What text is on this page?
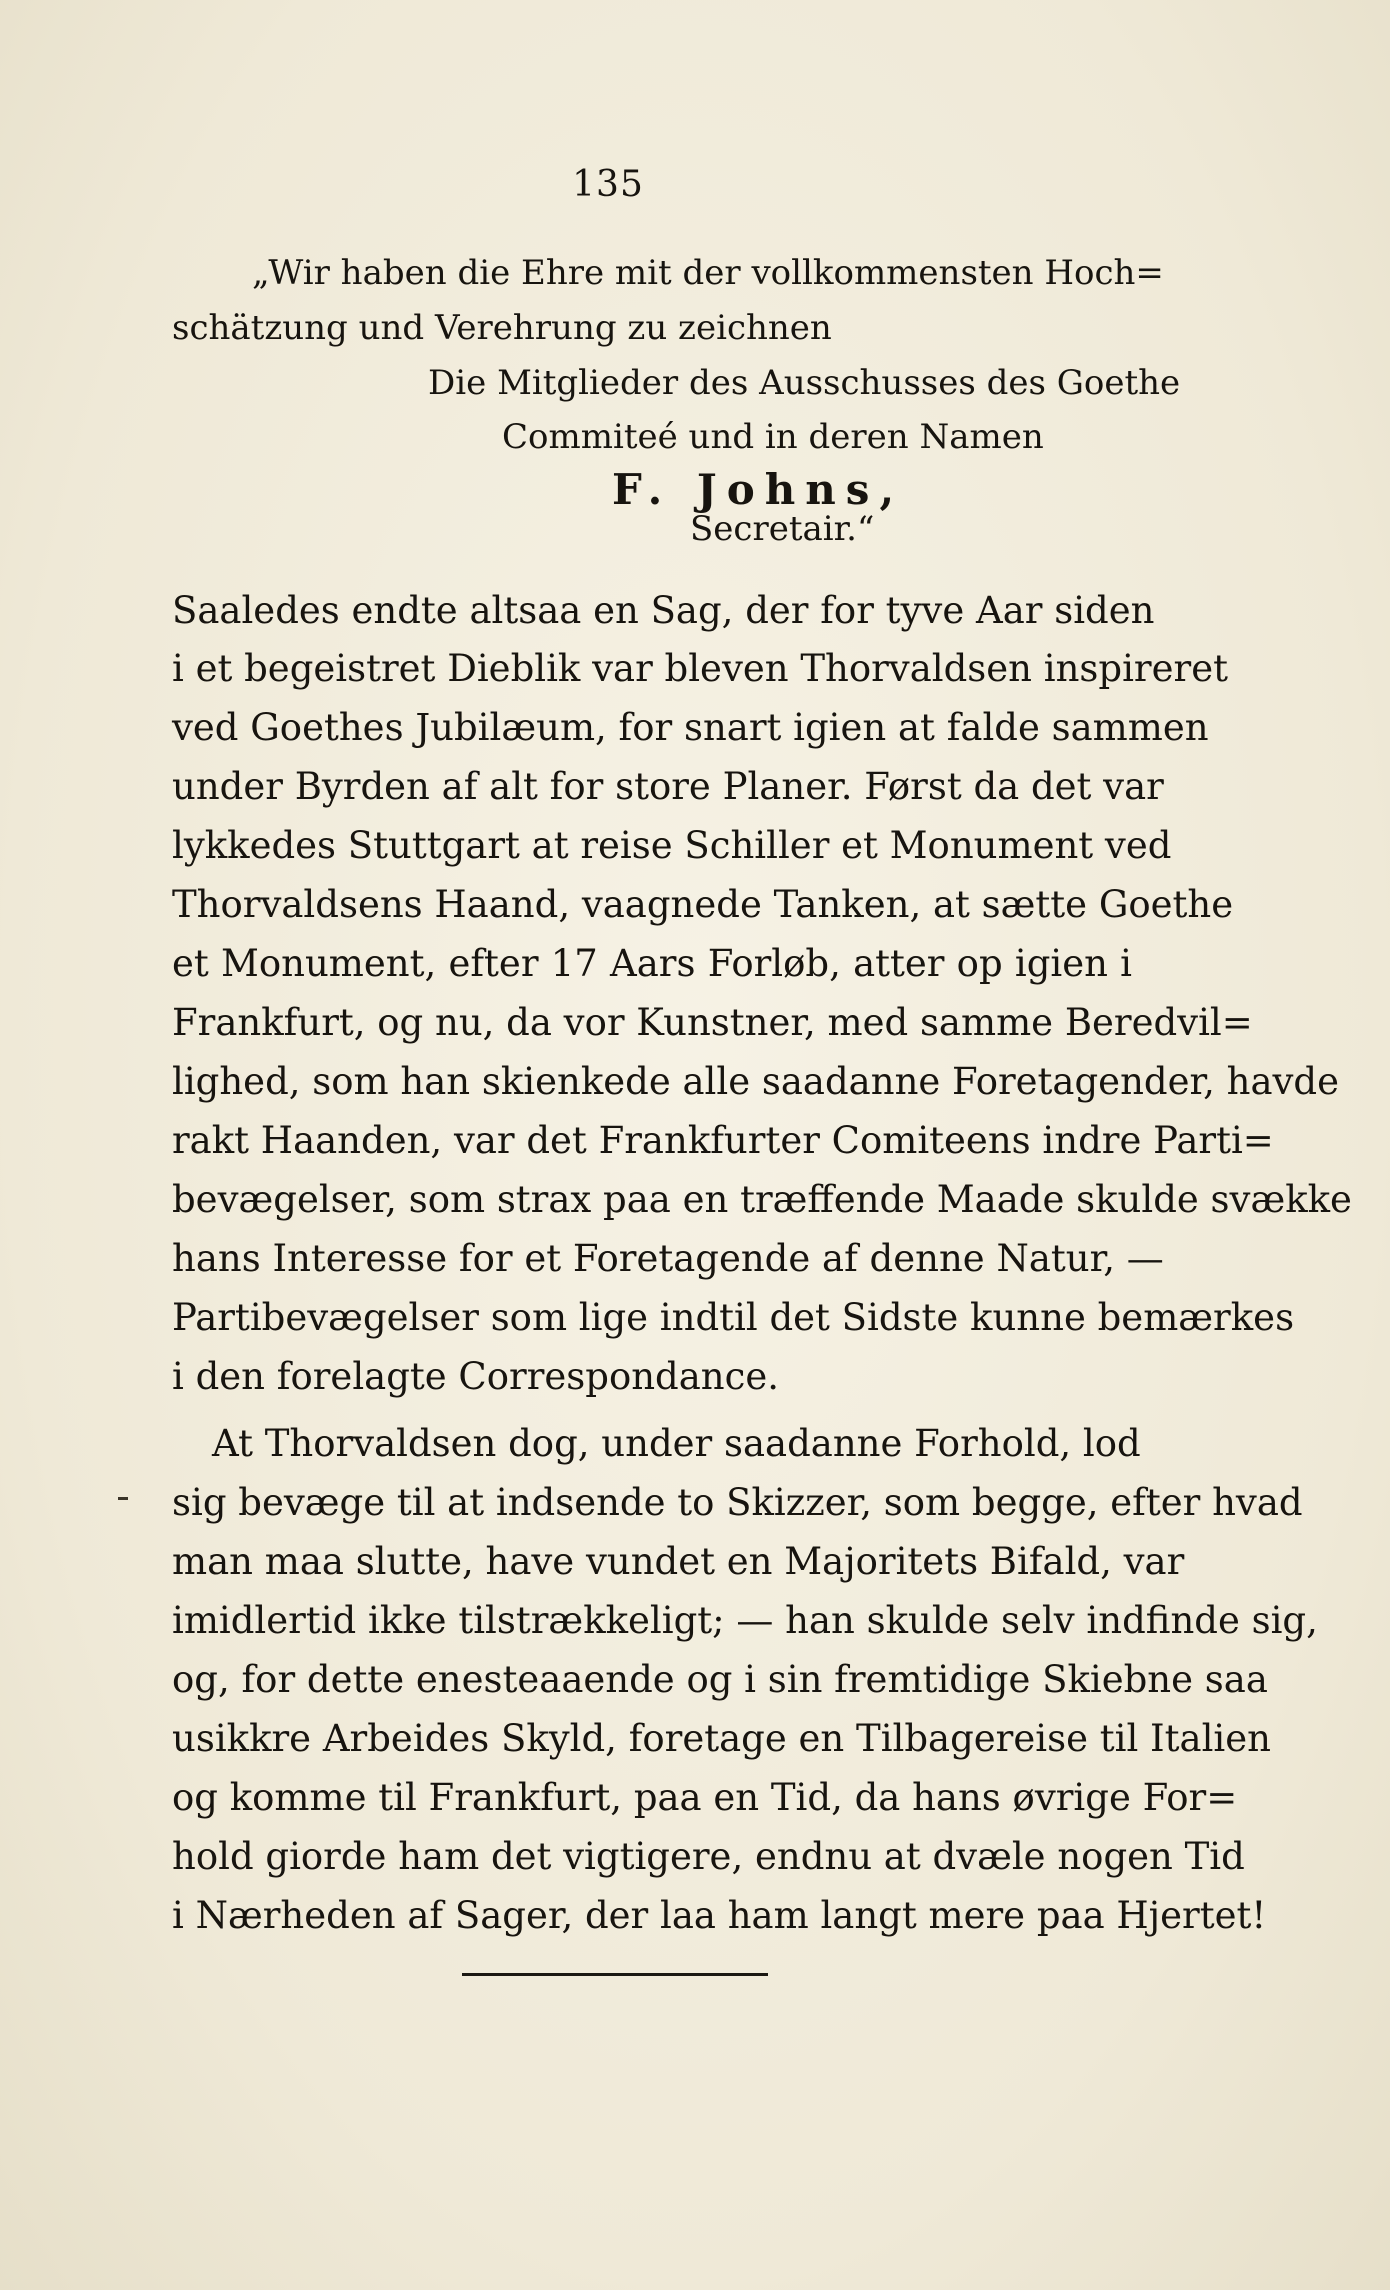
135
„Wir haben die Ehre mit der vollkommensten Hoch=
schätzung und Verehrung zu zeichnen
Die Mitglieder des Ausschusses des Goethe
Commiteé und in deren Namen
F. Johns,
Secretair.“
Saaledes endte altsaa en Sag, der for tyve Aar siden
i et begeistret Dieblik var bleven Thorvaldsen inspireret
ved Goethes Jubilæum, for snart igien at falde sammen
under Byrden af alt for store Planer. Først da det var
lykkedes Stuttgart at reise Schiller et Monument ved
Thorvaldsens Haand, vaagnede Tanken, at sætte Goethe
et Monument, efter 17 Aars Forløb, atter op igien i
Frankfurt, og nu, da vor Kunstner, med samme Beredvil=
lighed, som han skienkede alle saadanne Foretagender, havde
rakt Haanden, var det Frankfurter Comiteens indre Parti=
bevægelser, som strax paa en træffende Maade skulde svække
hans Interesse for et Foretagende af denne Natur, —
Partibevægelser som lige indtil det Sidste kunne bemærkes
i den forelagte Correspondance.
At Thorvaldsen dog, under saadanne Forhold, lod
sig bevæge til at indsende to Skizzer, som begge, efter hvad
man maa slutte, have vundet en Majoritets Bifald, var
imidlertid ikke tilstrækkeligt; — han skulde selv indfinde sig,
og, for dette enesteaaende og i sin fremtidige Skiebne saa
usikkre Arbeides Skyld, foretage en Tilbagereise til Italien
og komme til Frankfurt, paa en Tid, da hans øvrige For=
hold giorde ham det vigtigere, endnu at dvæle nogen Tid
i Nærheden af Sager, der laa ham langt mere paa Hjertet!
